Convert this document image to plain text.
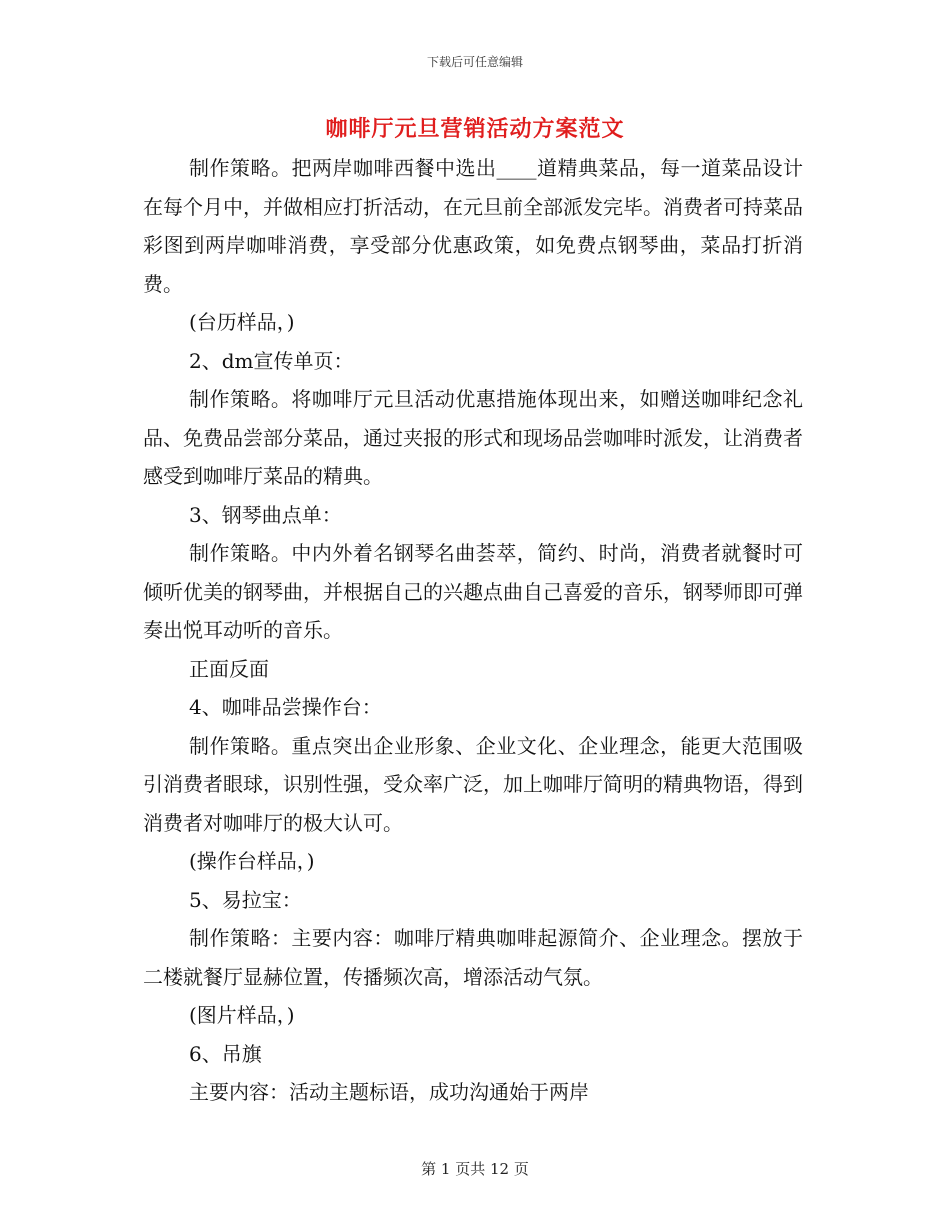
下载后可任意编辑
咖啡厅元旦营销活动方案范文

制作策略。把两岸咖啡西餐中选出____道精典菜品，每一道菜品设计在每个月中，并做相应打折活动，在元旦前全部派发完毕。消费者可持菜品彩图到两岸咖啡消费，享受部分优惠政策，如免费点钢琴曲，菜品打折消费。

(台历样品，)

2、dm宣传单页：

制作策略。将咖啡厅元旦活动优惠措施体现出来，如赠送咖啡纪念礼品、免费品尝部分菜品，通过夹报的形式和现场品尝咖啡时派发，让消费者感受到咖啡厅菜品的精典。

3、钢琴曲点单：

制作策略。中内外着名钢琴名曲荟萃，简约、时尚，消费者就餐时可倾听优美的钢琴曲，并根据自己的兴趣点曲自己喜爱的音乐，钢琴师即可弹奏出悦耳动听的音乐。

正面反面

4、咖啡品尝操作台：

制作策略。重点突出企业形象、企业文化、企业理念，能更大范围吸引消费者眼球，识别性强，受众率广泛，加上咖啡厅简明的精典物语，得到消费者对咖啡厅的极大认可。

(操作台样品，)

5、易拉宝：

制作策略：主要内容：咖啡厅精典咖啡起源简介、企业理念。摆放于二楼就餐厅显赫位置，传播频次高，增添活动气氛。

(图片样品，)

6、吊旗

主要内容：活动主题标语，成功沟通始于两岸

第 1 页共 12 页
